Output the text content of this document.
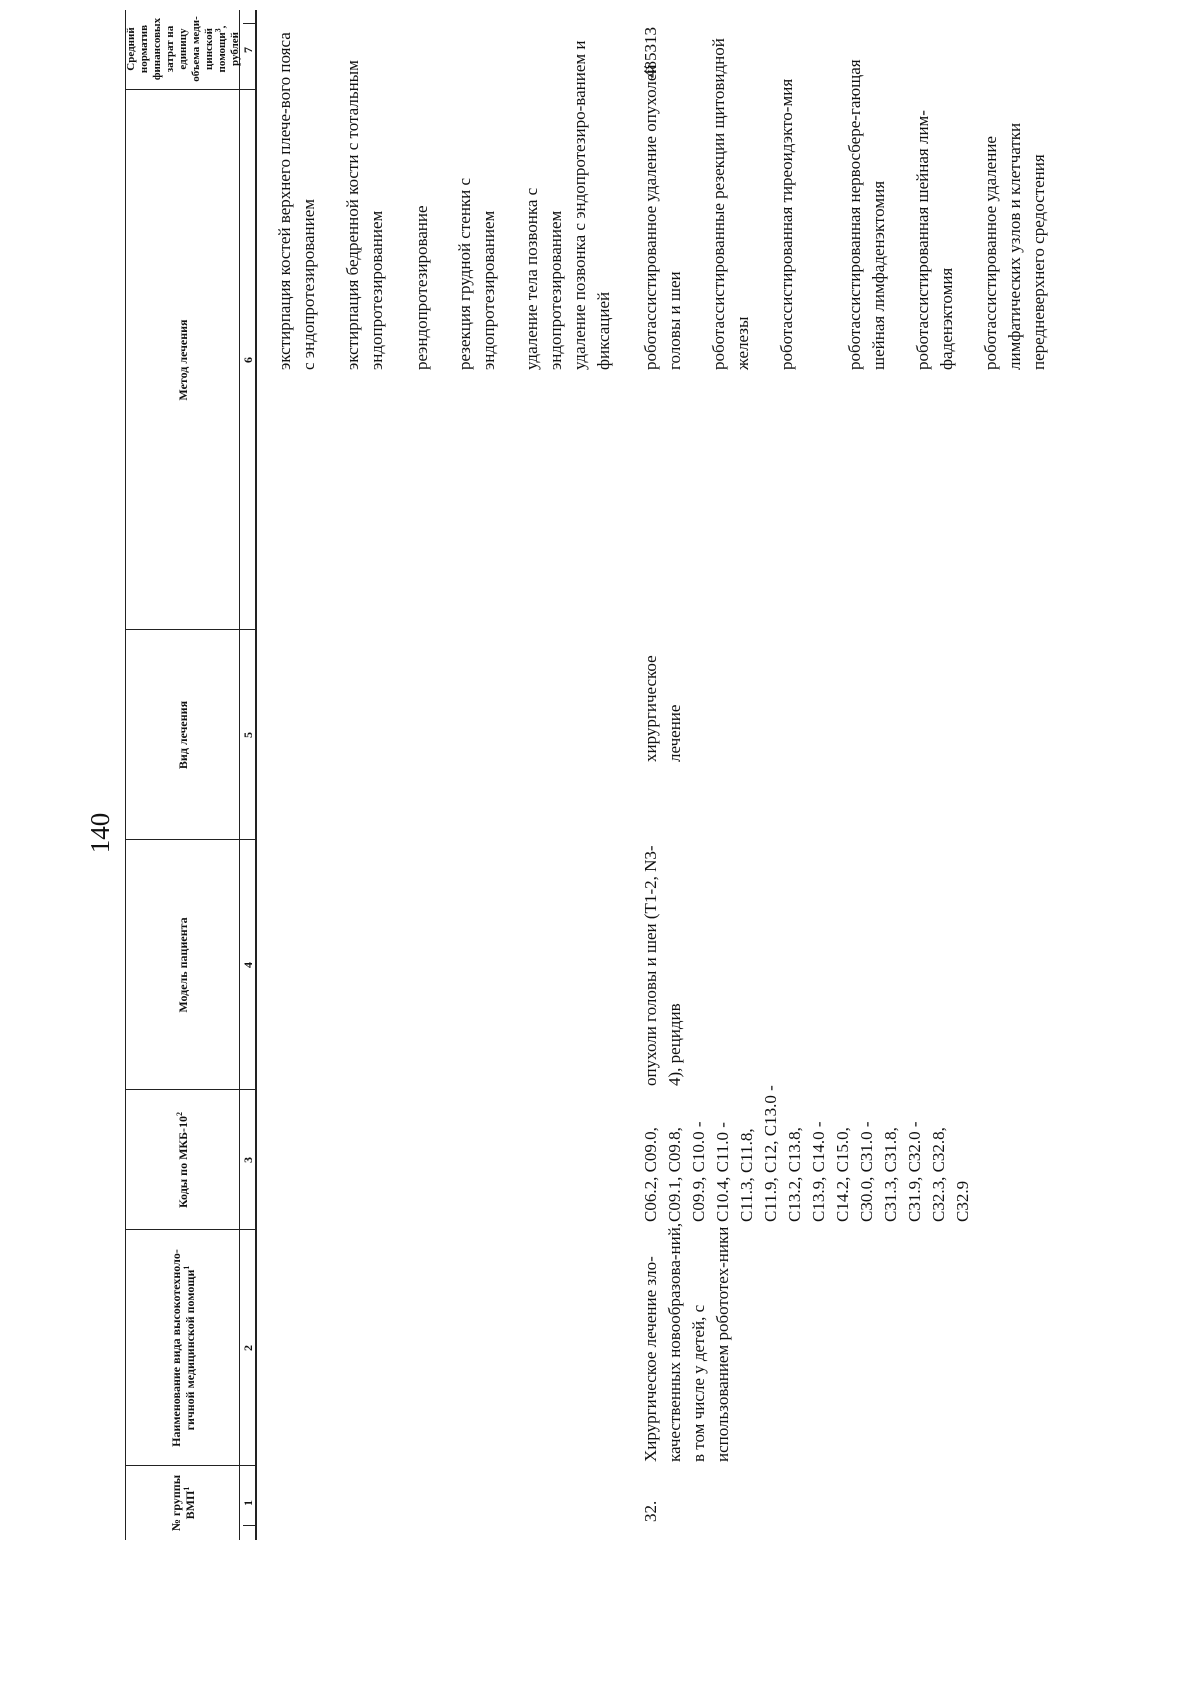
140
№ группы ВМП$^1$
Наименование вида высокотехноло-гичной медицинской помощи$^1$
Коды по МКБ-$10^2$
Модель пациента
Вид лечения
Метод лечения
Средний норматив финансовых затрат на единицу объема меди-цинской помощи$^3$, рублей
1
2
3
4
5
6
7 экстирпация костей верхнего плече-вого пояса с эндопротезированием экстирпация бедренной кости с тотальным эндопротезированием реэндопротезирование резекция грудной стенки с эндопротезированием удаление тела позвонка с эндопротезированием удаление позвонка с эндопротезиро-ванием и фиксацией
32.
Хирургическое лечение зло-качественных новообразова-ний, в том числе у детей, с использованием робототех-ники
C06.2, C09.0, C09.1, C09.8, C09.9, C10.0 - C10.4, C11.0 - C11.3, C11.8, C11.9, C12, C13.0 - C13.2, C13.8, C13.9, C14.0 - C14.2, C15.0, C30.0, C31.0 - C31.3, C31.8, C31.9, C32.0 - C32.3, C32.8, C32.9
опухоли головы и шеи (T1-2, N3-4), рецидив
хирургическое лечение
роботассистированное удаление опухолей головы и шеи роботассистированные резекции щитовидной железы роботассистированная тиреоидэкто-мия	роботассистированная нервосбере-гающая шейная лимфаденэктомия роботассистированная шейная лим-фаденэктомия роботассистированное удаление лимфатических узлов и клетчатки передневерхнего средостения
485313
